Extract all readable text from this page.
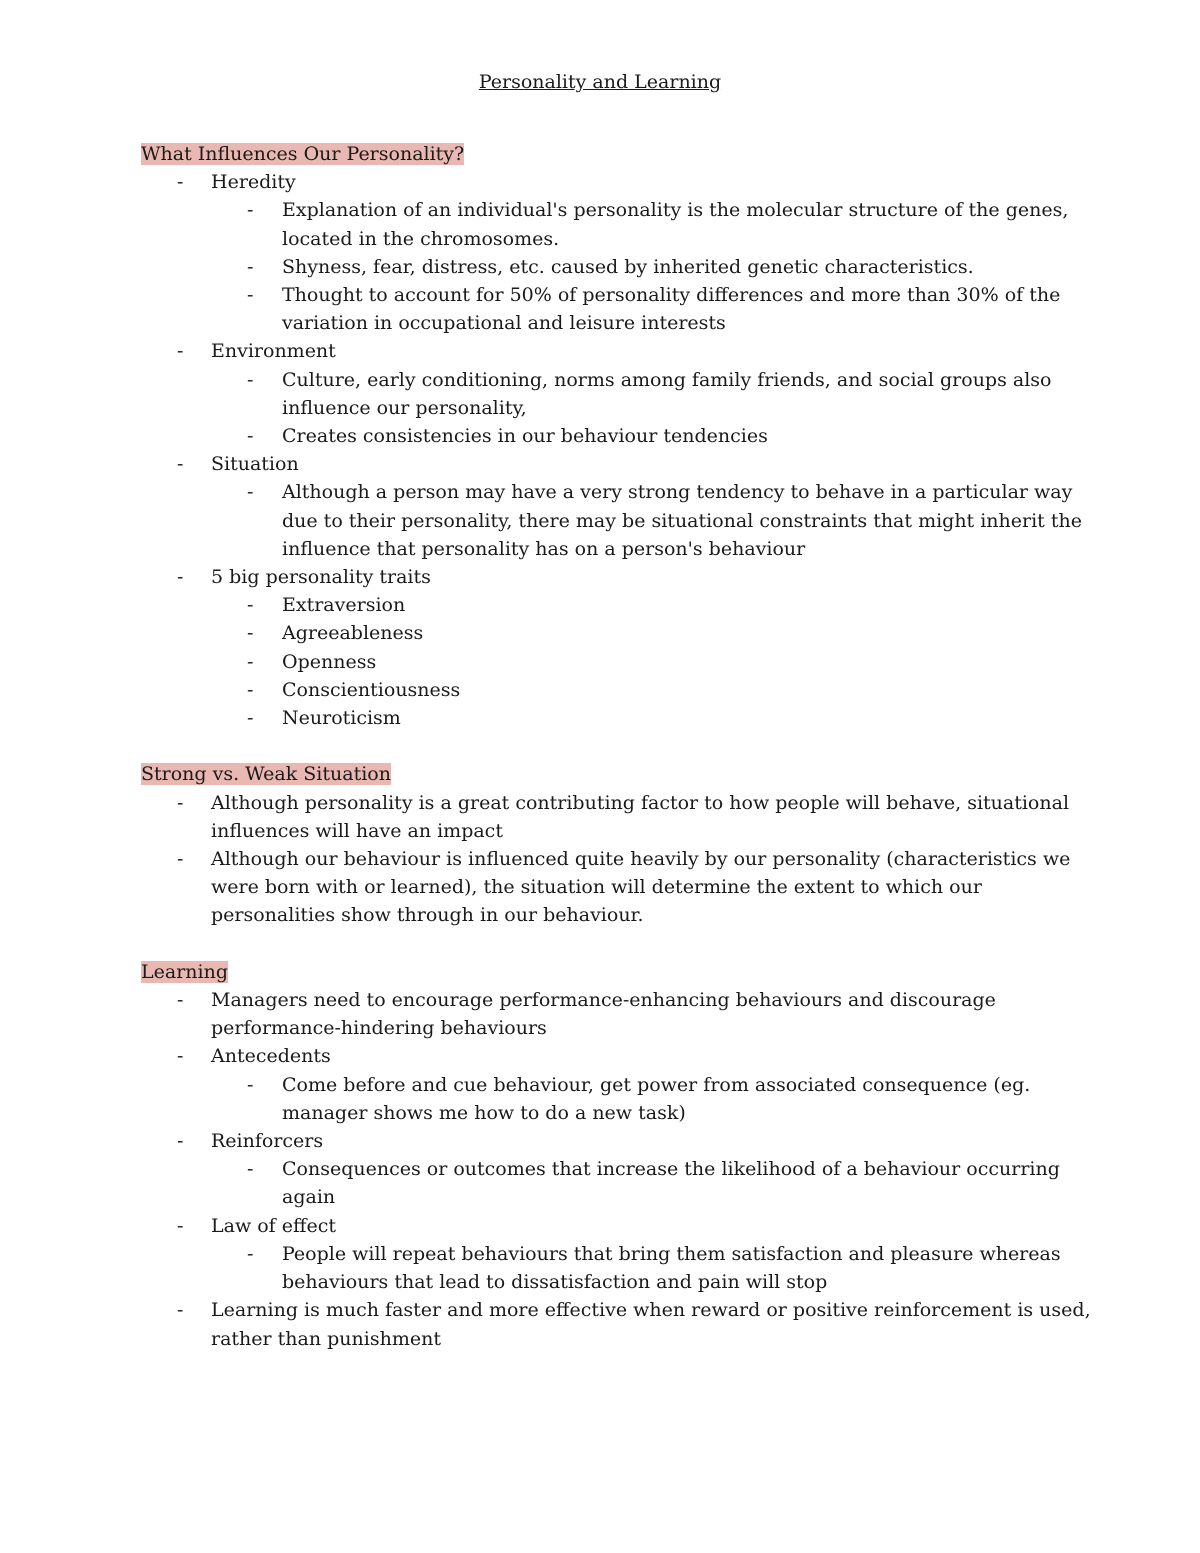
Personality and Learning

What Influences Our Personality?

- Heredity
- Explanation of an individual's personality is the molecular structure of the genes, located in the chromosomes.
- Shyness, fear, distress, etc. caused by inherited genetic characteristics.
- Thought to account for 50% of personality differences and more than 30% of the variation in occupational and leisure interests
- Environment
- Culture, early conditioning, norms among family friends, and social groups also influence our personality,
- Creates consistencies in our behaviour tendencies
- Situation
- Although a person may have a very strong tendency to behave in a particular way due to their personality, there may be situational constraints that might inherit the influence that personality has on a person's behaviour
- 5 big personality traits
- Extraversion
- Agreeableness
- Openness
- Conscientiousness
- Neuroticism

Strong vs. Weak Situation

- Although personality is a great contributing factor to how people will behave, situational influences will have an impact
- Although our behaviour is influenced quite heavily by our personality (characteristics we were born with or learned), the situation will determine the extent to which our personalities show through in our behaviour.

Learning

- Managers need to encourage performance-enhancing behaviours and discourage performance-hindering behaviours
- Antecedents
- Come before and cue behaviour, get power from associated consequence (eg. manager shows me how to do a new task)
- Reinforcers
- Consequences or outcomes that increase the likelihood of a behaviour occurring again
- Law of effect
- People will repeat behaviours that bring them satisfaction and pleasure whereas behaviours that lead to dissatisfaction and pain will stop
- Learning is much faster and more effective when reward or positive reinforcement is used, rather than punishment
